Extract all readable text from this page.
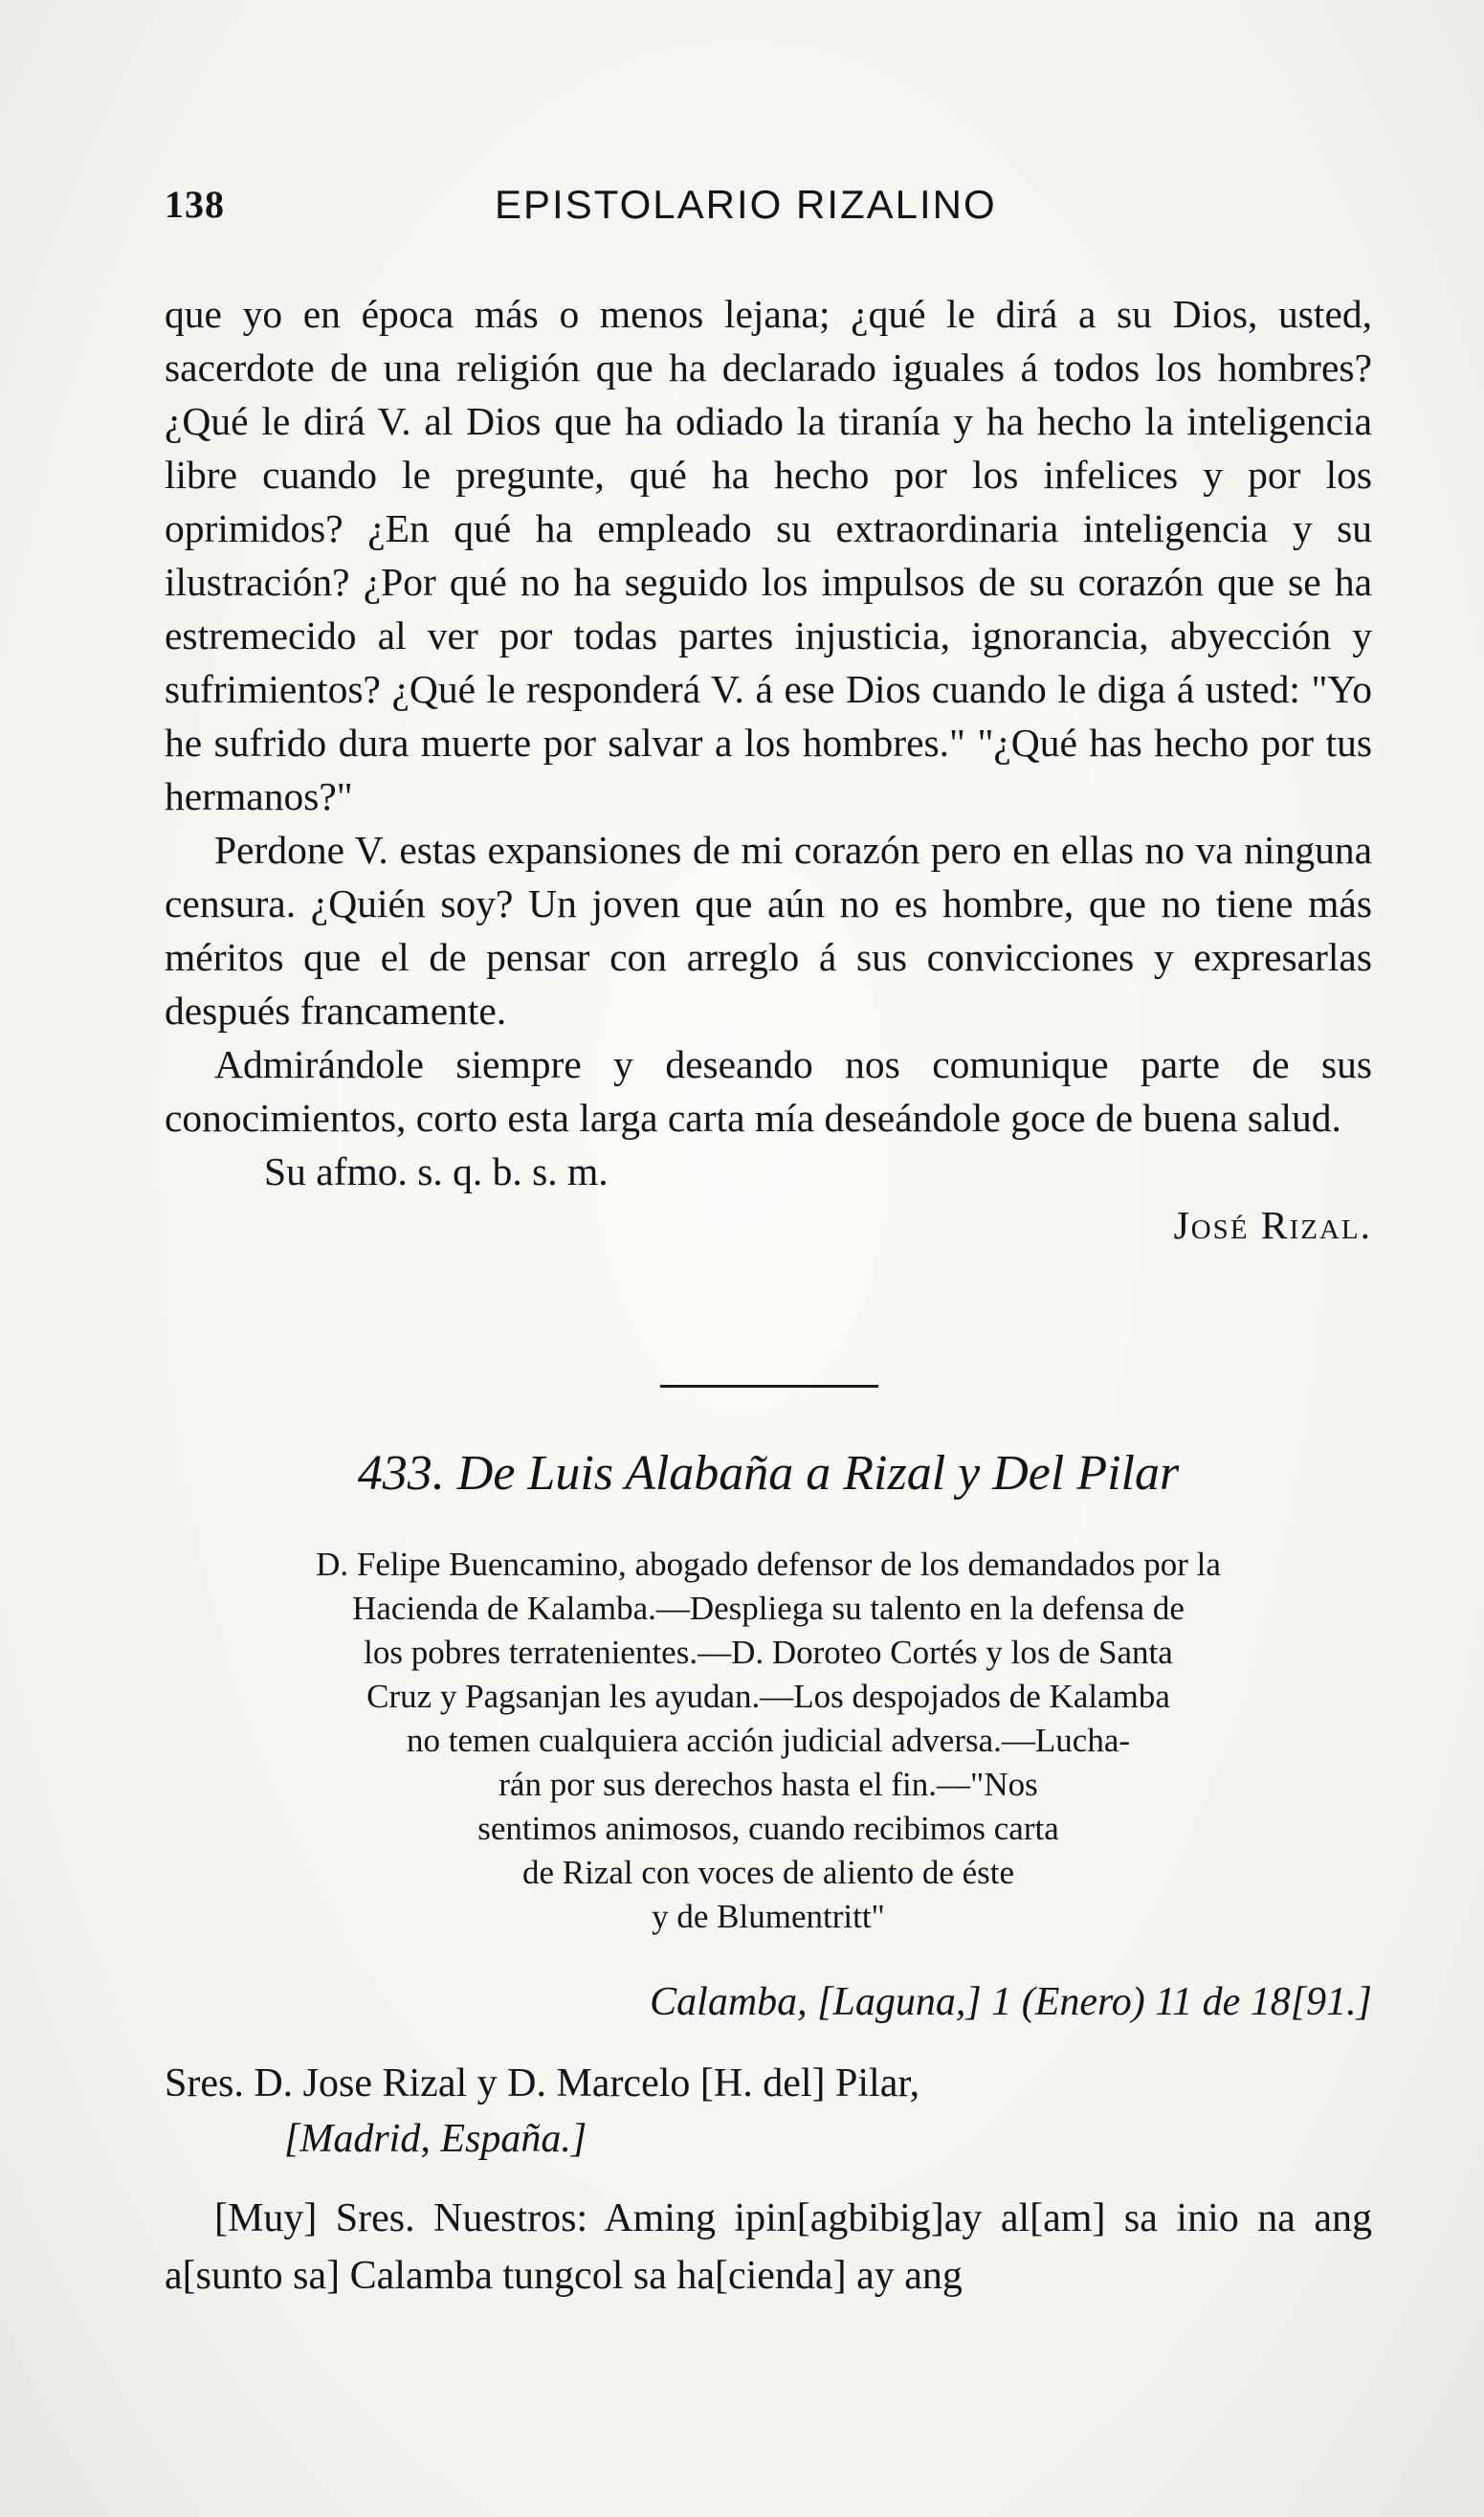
138	EPISTOLARIO RIZALINO

que yo en época más o menos lejana; ¿qué le dirá a su Dios, usted, sacerdote de una religión que ha declarado iguales á todos los hombres? ¿Qué le dirá V. al Dios que ha odiado la tiranía y ha hecho la inteligencia libre cuando le pregunte, qué ha hecho por los infelices y por los oprimidos? ¿En qué ha empleado su extraordinaria inteligencia y su ilustración? ¿Por qué no ha seguido los impulsos de su corazón que se ha estremecido al ver por todas partes injusticia, ignorancia, abyección y sufrimientos? ¿Qué le responderá V. á ese Dios cuando le diga á usted: "Yo he sufrido dura muerte por salvar a los hombres." "¿Qué has hecho por tus hermanos?"

Perdone V. estas expansiones de mi corazón pero en ellas no va ninguna censura. ¿Quién soy? Un joven que aún no es hombre, que no tiene más méritos que el de pensar con arreglo á sus convicciones y expresarlas después francamente.

Admirándole siempre y deseando nos comunique parte de sus conocimientos, corto esta larga carta mía deseándole goce de buena salud.

Su afmo. s. q. b. s. m.

José Rizal.

433. De Luis Alabaña a Rizal y Del Pilar
D. Felipe Buencamino, abogado defensor de los demandados por la
Hacienda de Kalamba.—Despliega su talento en la defensa de
los pobres terratenientes.—D. Doroteo Cortés y los de Santa
Cruz y Pagsanjan les ayudan.—Los despojados de Kalamba
no temen cualquiera acción judicial adversa.—Lucha-
rán por sus derechos hasta el fin.—"Nos
sentimos animosos, cuando recibimos carta
de Rizal con voces de aliento de éste
y de Blumentritt"
Calamba, [Laguna,] 1 (Enero) 11 de 18[91.]
Sres. D. Jose Rizal y D. Marcelo [H. del] Pilar,
[Madrid, España.]

[Muy] Sres. Nuestros: Aming ipin[agbibig]ay al[am] sa inio na ang a[sunto sa] Calamba tungcol sa ha[cienda] ay ang
